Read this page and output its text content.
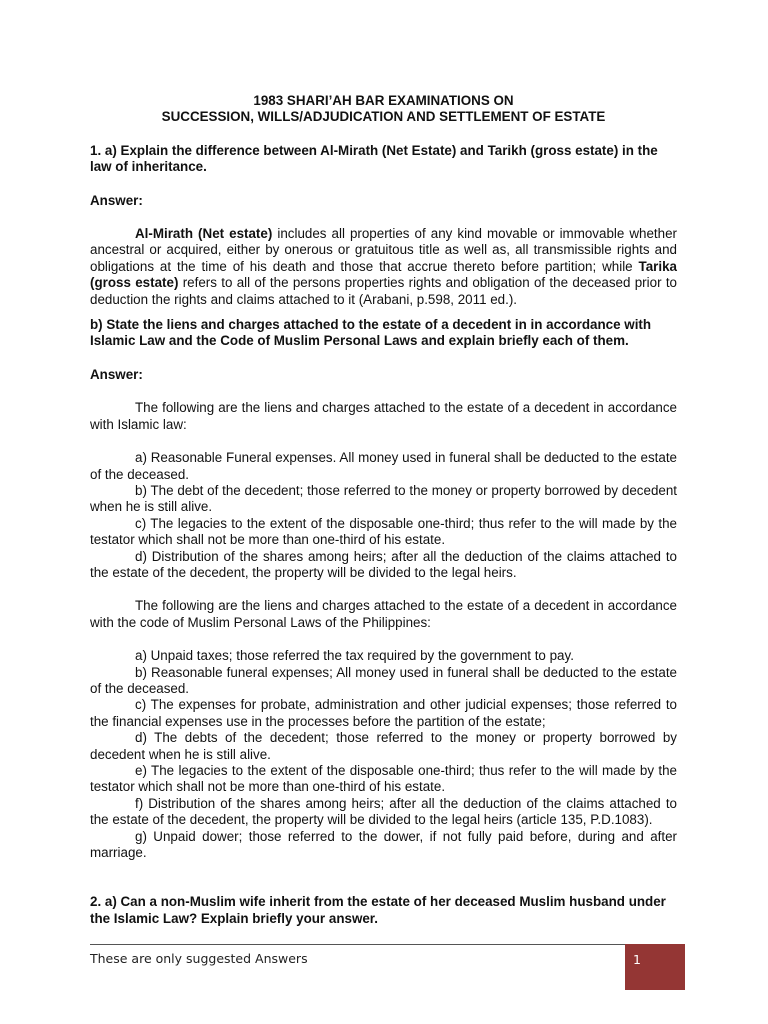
1983 SHARI’AH BAR EXAMINATIONS ON

SUCCESSION, WILLS/ADJUDICATION AND SETTLEMENT OF ESTATE

1. a) Explain the difference between Al-Mirath (Net Estate) and Tarikh (gross estate) in the law of inheritance.

Answer:

Al-Mirath (Net estate) includes all properties of any kind movable or immovable whether ancestral or acquired, either by onerous or gratuitous title as well as, all transmissible rights and obligations at the time of his death and those that accrue thereto before partition; while Tarika (gross estate) refers to all of the persons properties rights and obligation of the deceased prior to deduction the rights and claims attached to it (Arabani, p.598, 2011 ed.).

b) State the liens and charges attached to the estate of a decedent in in accordance with Islamic Law and the Code of Muslim Personal Laws and explain briefly each of them.

Answer:

The following are the liens and charges attached to the estate of a decedent in accordance with Islamic law:

a) Reasonable Funeral expenses. All money used in funeral shall be deducted to the estate of the deceased.

b) The debt of the decedent; those referred to the money or property borrowed by decedent when he is still alive.

c) The legacies to the extent of the disposable one-third; thus refer to the will made by the testator which shall not be more than one-third of his estate.

d) Distribution of the shares among heirs; after all the deduction of the claims attached to the estate of the decedent, the property will be divided to the legal heirs.

The following are the liens and charges attached to the estate of a decedent in accordance with the code of Muslim Personal Laws of the Philippines:

a) Unpaid taxes; those referred the tax required by the government to pay.

b) Reasonable funeral expenses; All money used in funeral shall be deducted to the estate of the deceased.

c) The expenses for probate, administration and other judicial expenses; those referred to the financial expenses use in the processes before the partition of the estate;

d) The debts of the decedent; those referred to the money or property borrowed by decedent when he is still alive.

e) The legacies to the extent of the disposable one-third; thus refer to the will made by the testator which shall not be more than one-third of his estate.

f) Distribution of the shares among heirs; after all the deduction of the claims attached to the estate of the decedent, the property will be divided to the legal heirs (article 135, P.D.1083).

g) Unpaid dower; those referred to the dower, if not fully paid before, during and after marriage.

2. a) Can a non-Muslim wife inherit from the estate of her deceased Muslim husband under the Islamic Law? Explain briefly your answer.

These are only suggested Answers	1
